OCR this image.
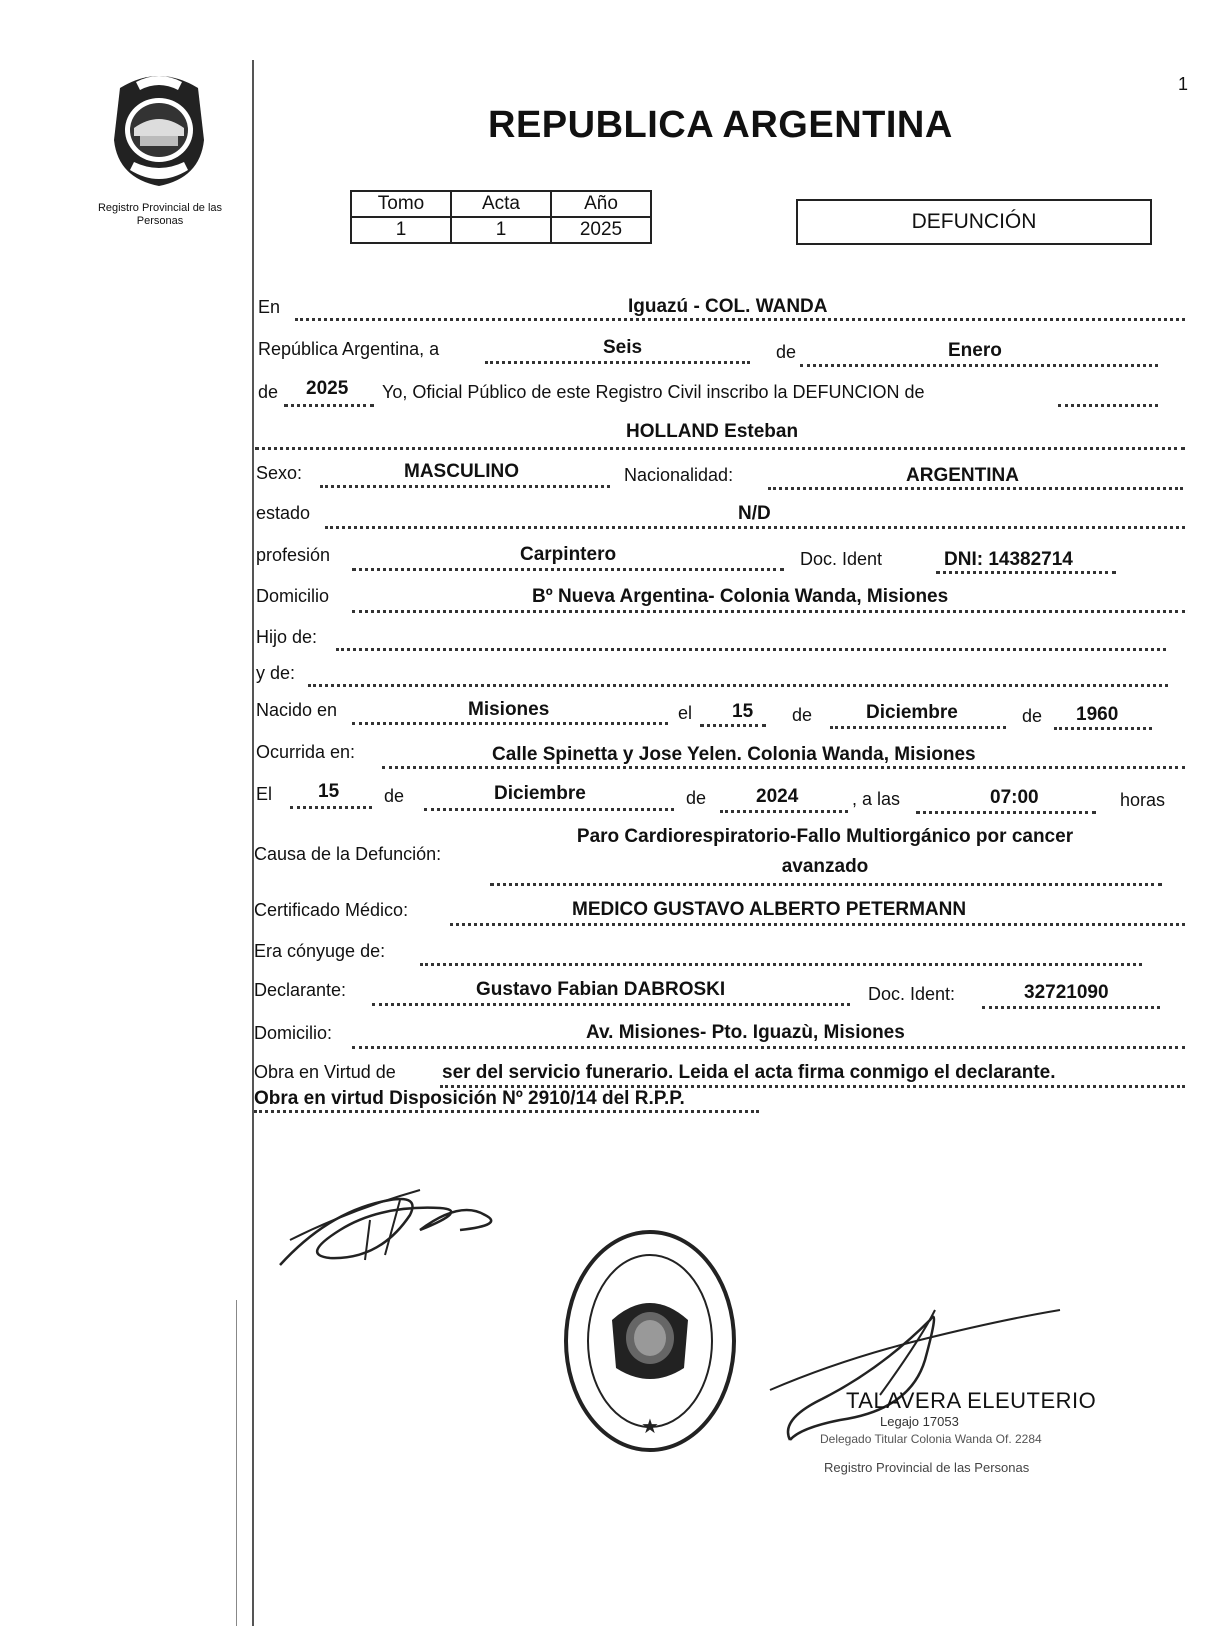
1
Registro Provincial de las Personas
REPUBLICA ARGENTINA
Tomo	Acta	Año
1	1	2025	DEFUNCIÓN
En	Iguazú - COL. WANDA
República Argentina, a	Seis	de	Enero
de 2025 Yo, Oficial Público de este Registro Civil inscribo la DEFUNCION de
HOLLAND Esteban
Sexo:	MASCULINO	Nacionalidad:	ARGENTINA
estado	N/D
profesión	Carpintero	Doc. Ident	DNI: 14382714
Domicilio	Bº Nueva Argentina- Colonia Wanda, Misiones
Hijo de:
y de:
Nacido en	Misiones	el 15 de	Diciembre	de 1960
Ocurrida en:	Calle Spinetta y Jose Yelen. Colonia Wanda, Misiones
El 15 de	Diciembre	de	2024	, a las	07:00	horas
Causa de la Defunción:
Paro Cardiorespiratorio-Fallo Multiorgánico por cancer
avanzado
Certificado Médico:	MEDICO GUSTAVO ALBERTO PETERMANN
Era cónyuge de:
Declarante:	Gustavo Fabian DABROSKI	Doc. Ident:	32721090
Domicilio:	Av. Misiones- Pto. Iguazù, Misiones
Obra en Virtud de ser del servicio funerario. Leida el acta firma conmigo el declarante.
Obra en virtud Disposición Nº 2910/14 del R.P.P.
★
TALAVERA ELEUTERIO
Legajo 17053
Delegado Titular Colonia Wanda Of. 2284
Registro Provincial de las Personas
